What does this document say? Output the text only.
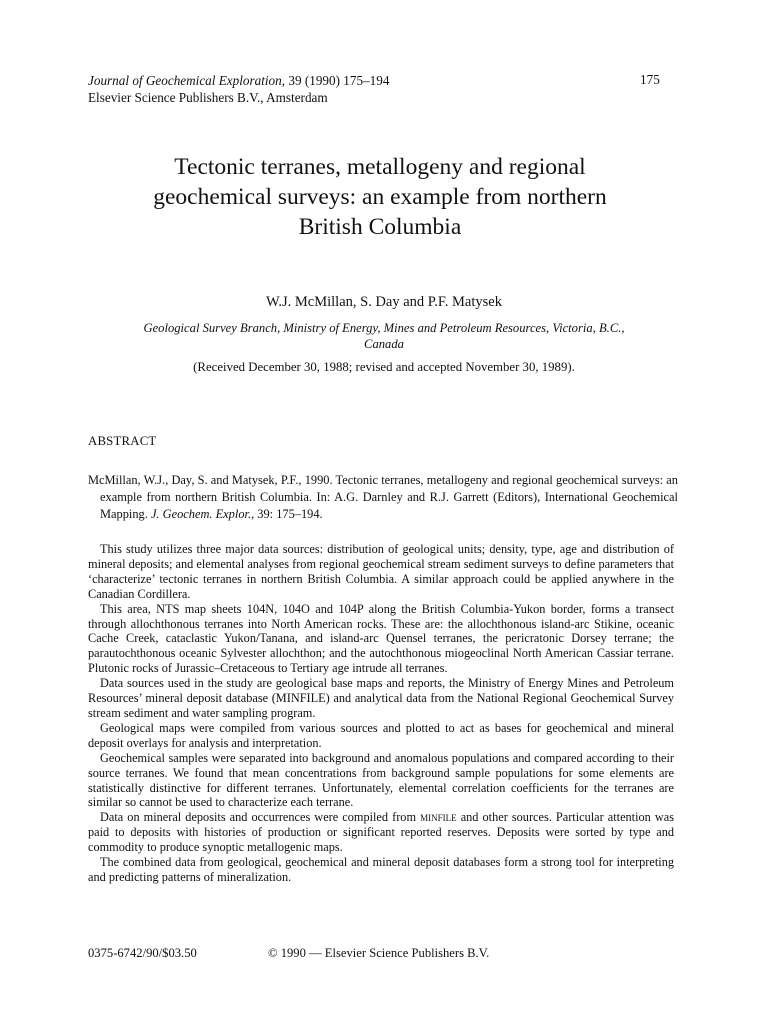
Journal of Geochemical Exploration, 39 (1990) 175–194
Elsevier Science Publishers B.V., Amsterdam
175
Tectonic terranes, metallogeny and regional
geochemical surveys: an example from northern
British Columbia
W.J. McMillan, S. Day and P.F. Matysek
Geological Survey Branch, Ministry of Energy, Mines and Petroleum Resources, Victoria, B.C.,
Canada
(Received December 30, 1988; revised and accepted November 30, 1989).
ABSTRACT
McMillan, W.J., Day, S. and Matysek, P.F., 1990. Tectonic terranes, metallogeny and regional geochemical surveys: an example from northern British Columbia. In: A.G. Darnley and R.J. Garrett (Editors), International Geochemical Mapping. J. Geochem. Explor., 39: 175–194.

This study utilizes three major data sources: distribution of geological units; density, type, age and distribution of mineral deposits; and elemental analyses from regional geochemical stream sediment surveys to define parameters that ‘characterize’ tectonic terranes in northern British Columbia. A similar approach could be applied anywhere in the Canadian Cordillera.

This area, NTS map sheets 104N, 104O and 104P along the British Columbia-Yukon border, forms a transect through allochthonous terranes into North American rocks. These are: the allochthonous island-arc Stikine, oceanic Cache Creek, cataclastic Yukon/Tanana, and island-arc Quensel terranes, the pericratonic Dorsey terrane; the parautochthonous oceanic Sylvester allochthon; and the autochthonous miogeoclinal North American Cassiar terrane. Plutonic rocks of Jurassic–Cretaceous to Tertiary age intrude all terranes.

Data sources used in the study are geological base maps and reports, the Ministry of Energy Mines and Petroleum Resources’ mineral deposit database (MINFILE) and analytical data from the National Regional Geochemical Survey stream sediment and water sampling program.

Geological maps were compiled from various sources and plotted to act as bases for geochemical and mineral deposit overlays for analysis and interpretation.

Geochemical samples were separated into background and anomalous populations and compared according to their source terranes. We found that mean concentrations from background sample populations for some elements are statistically distinctive for different terranes. Unfortunately, elemental correlation coefficients for the terranes are similar so cannot be used to characterize each terrane.

Data on mineral deposits and occurrences were compiled from minfile and other sources. Particular attention was paid to deposits with histories of production or significant reported reserves. Deposits were sorted by type and commodity to produce synoptic metallogenic maps.

The combined data from geological, geochemical and mineral deposit databases form a strong tool for interpreting and predicting patterns of mineralization.

0375-6742/90/$03.50	© 1990 — Elsevier Science Publishers B.V.
